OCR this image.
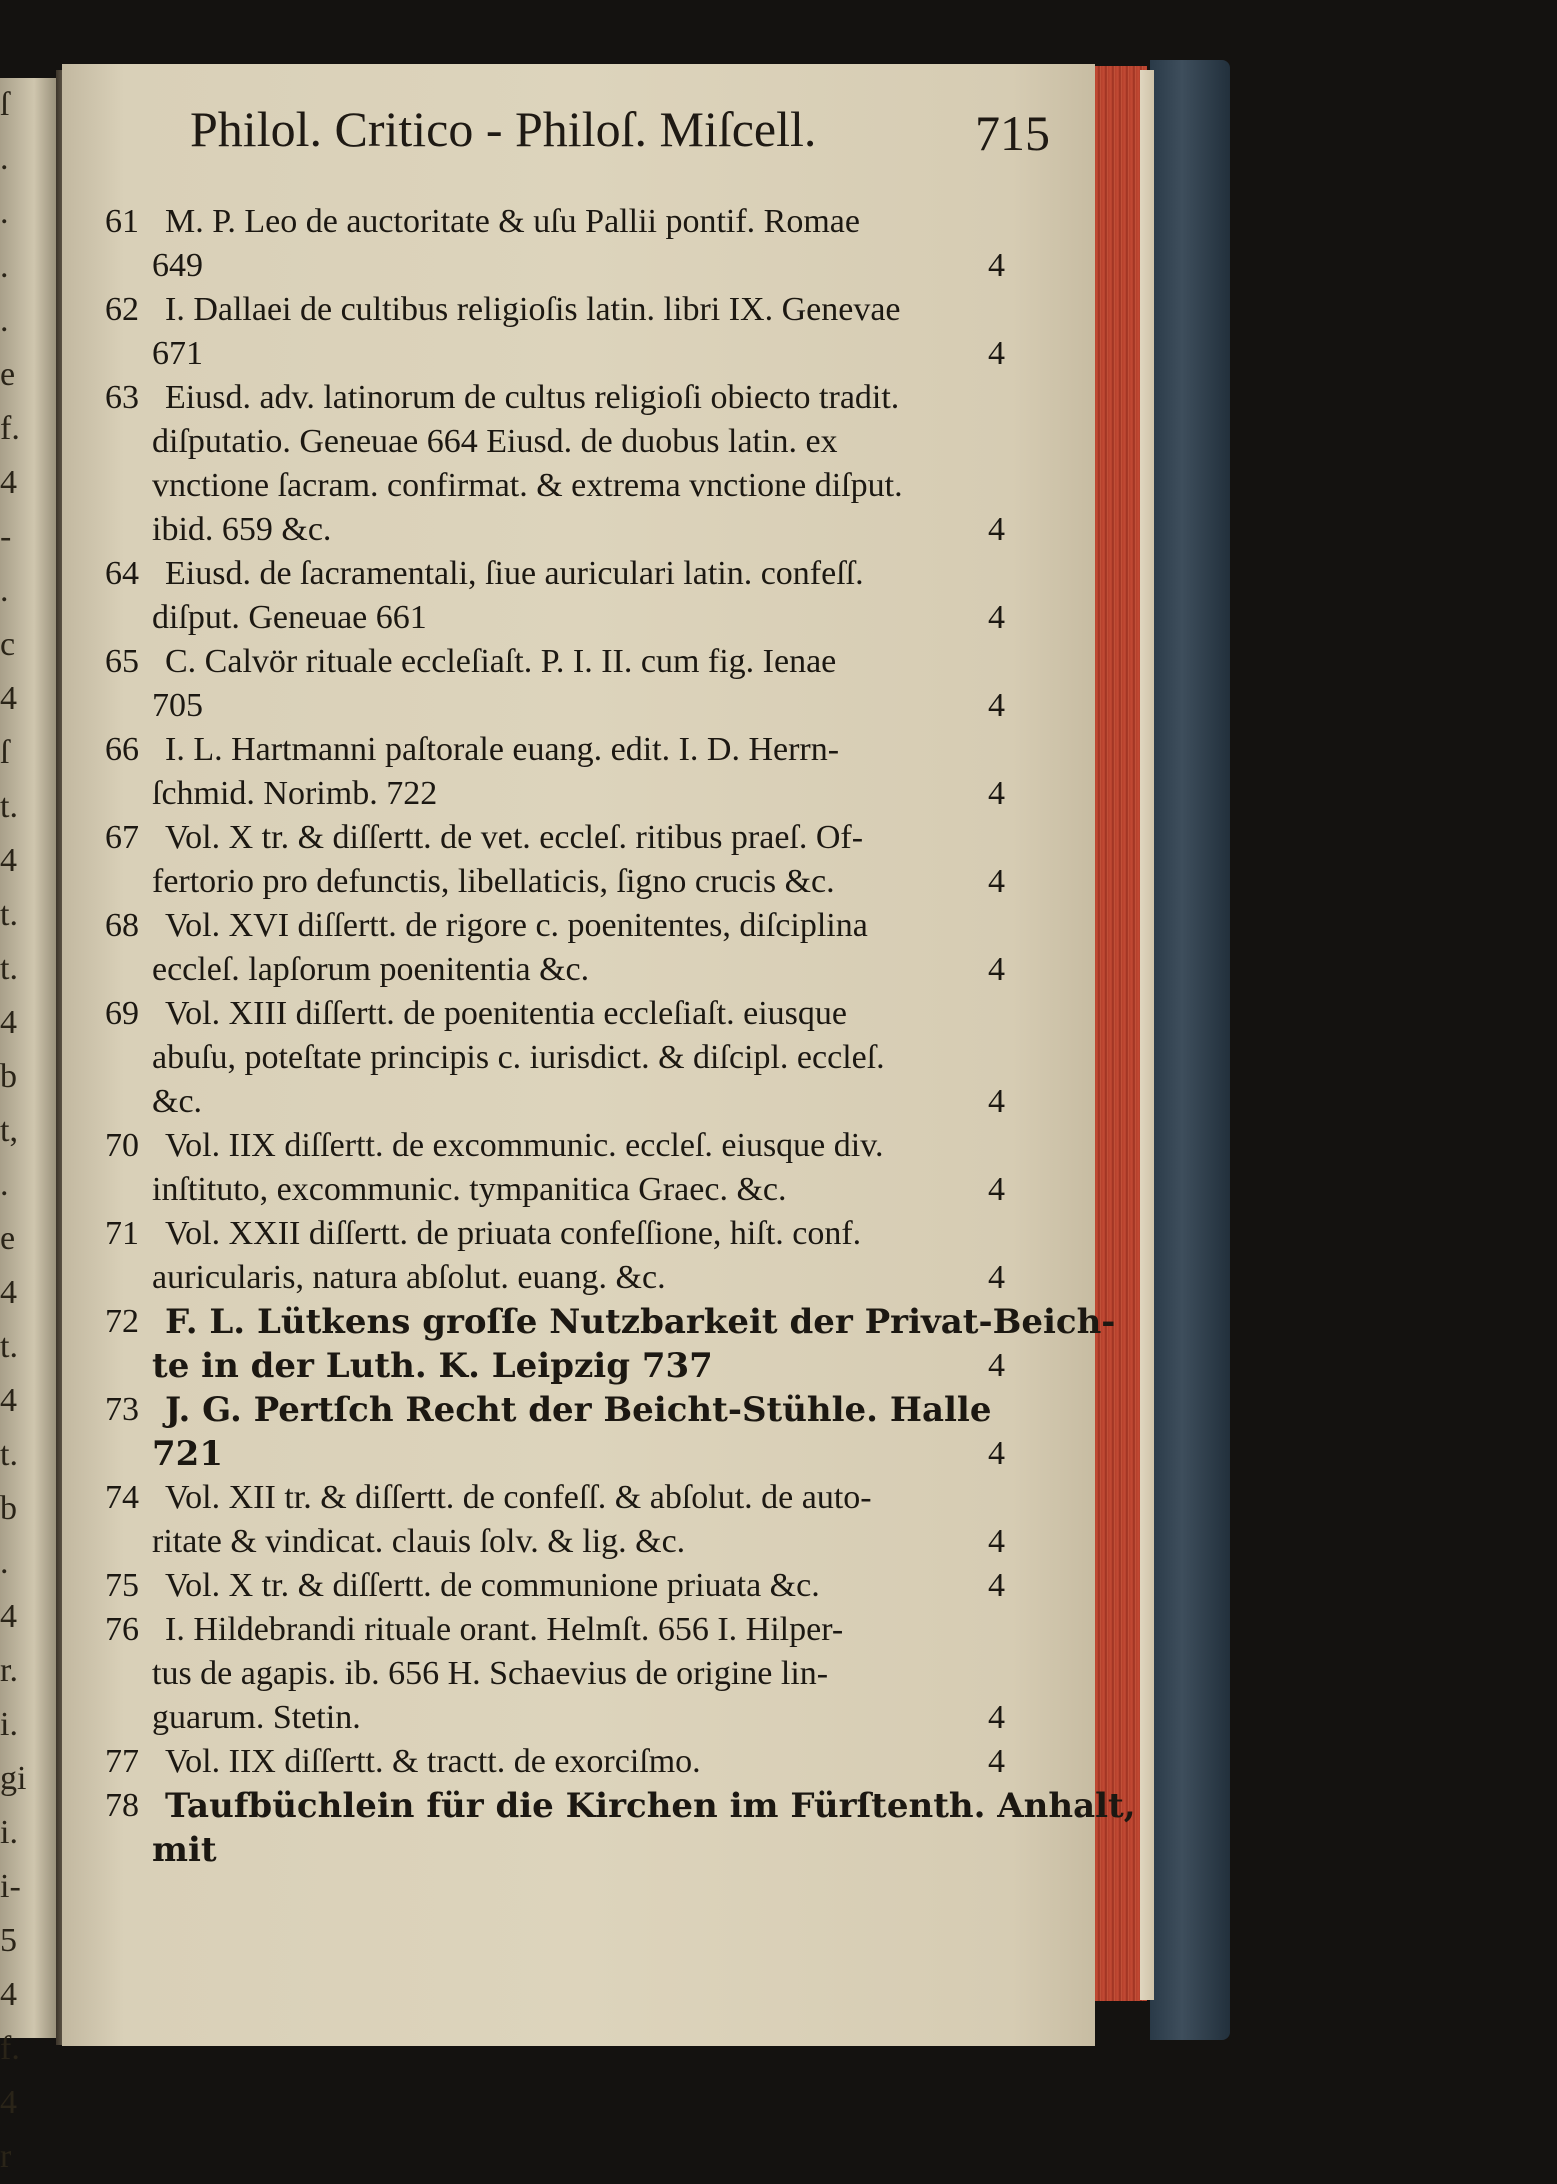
ſ
.
.
.
.
e
f.
4
-
.
c
4
ſ
t.
4
t.
t.
4
b
t,
.
e
4
t.
4
t.
b
.
4
r.
i.
gi
i.
i-
5
4
f.
4
r
Philol. Critico - Philoſ. Miſcell.	715
61 M. P. Leo de auctoritate & uſu Pallii pontif. Romae
649	4
62 I. Dallaei de cultibus religioſis latin. libri IX. Genevae
671	4
63 Eiusd. adv. latinorum de cultus religioſi obiecto tradit.
diſputatio. Geneuae 664 Eiusd. de duobus latin. ex
vnctione ſacram. confirmat. & extrema vnctione diſput.
ibid. 659 &c.	4
64 Eiusd. de ſacramentali, ſiue auriculari latin. confeſſ.
diſput. Geneuae 661	4
65 C. Calvör rituale eccleſiaſt. P. I. II. cum fig. Ienae
705	4
66 I. L. Hartmanni paſtorale euang. edit. I. D. Herrn-
ſchmid. Norimb. 722	4
67 Vol. X tr. & diſſertt. de vet. eccleſ. ritibus praeſ. Of-
fertorio pro defunctis, libellaticis, ſigno crucis &c.	4
68 Vol. XVI diſſertt. de rigore c. poenitentes, diſciplina
eccleſ. lapſorum poenitentia &c.	4
69 Vol. XIII diſſertt. de poenitentia eccleſiaſt. eiusque
abuſu, poteſtate principis c. iurisdict. & diſcipl. eccleſ.
&c.	4
70 Vol. IIX diſſertt. de excommunic. eccleſ. eiusque div.
inſtituto, excommunic. tympanitica Graec. &c.	4
71 Vol. XXII diſſertt. de priuata confeſſione, hiſt. conf.
auricularis, natura abſolut. euang. &c.	4
72 F. L. Lütkens groſſe Nutzbarkeit der Privat-Beich-
te in der Luth. K. Leipzig 737	4
73 J. G. Pertſch Recht der Beicht-Stühle. Halle
721	4
74 Vol. XII tr. & diſſertt. de confeſſ. & abſolut. de auto-
ritate & vindicat. clauis ſolv. & lig. &c.	4
75 Vol. X tr. & diſſertt. de communione priuata &c.	4
76 I. Hildebrandi rituale orant. Helmſt. 656 I. Hilper-
tus de agapis. ib. 656 H. Schaevius de origine lin-
guarum. Stetin.	4
77 Vol. IIX diſſertt. & tractt. de exorciſmo.	4
78 Taufbüchlein für die Kirchen im Fürſtenth. Anhalt,
mit
